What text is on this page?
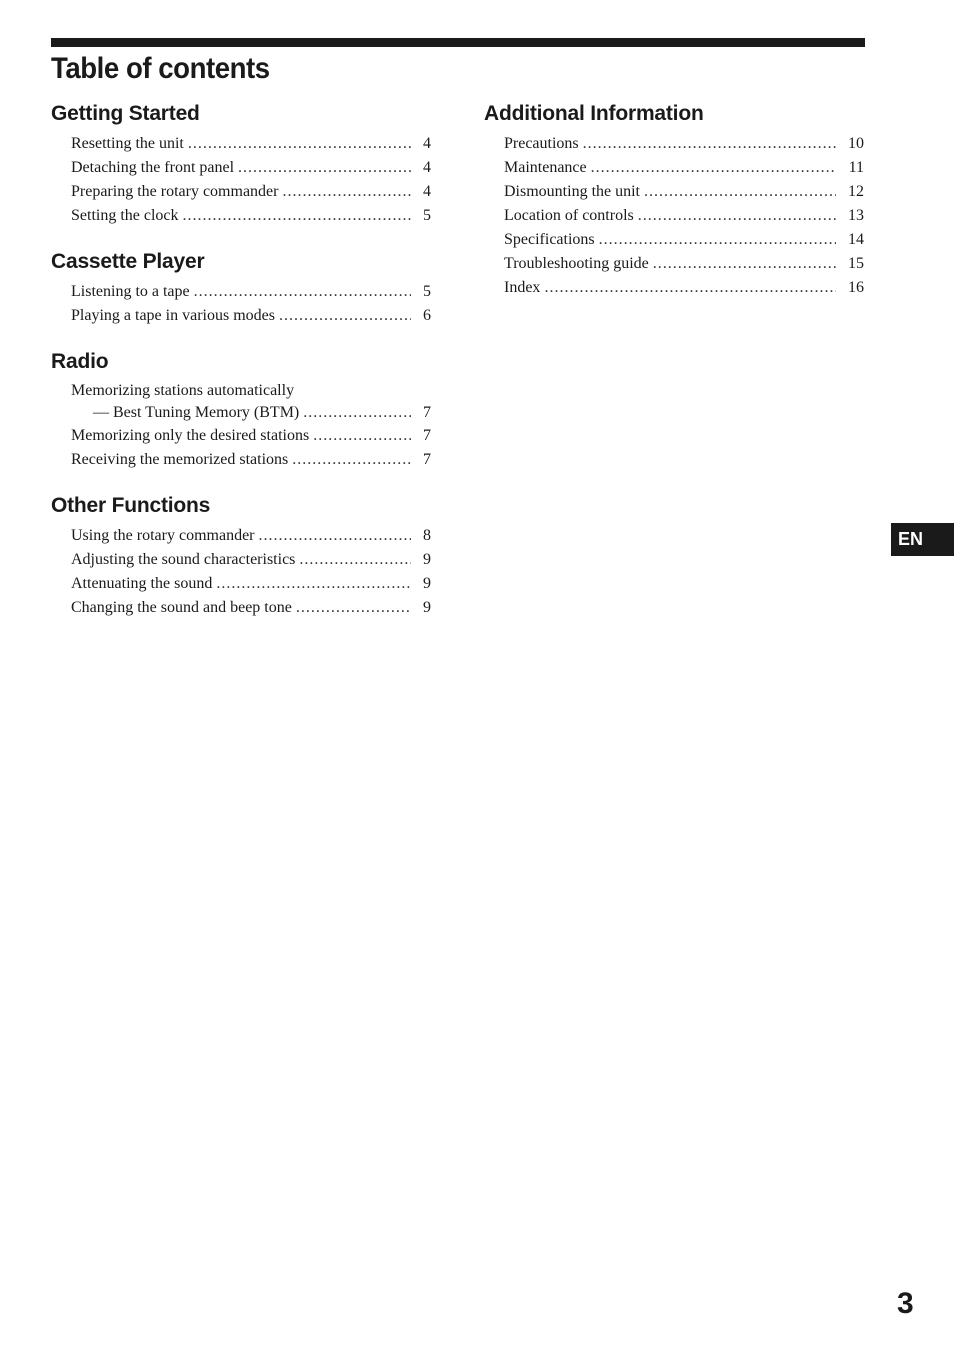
Table of contents
Getting Started
Resetting the unit .....	4
Detaching the front panel .....	4
Preparing the rotary commander .....	4
Setting the clock .....	5
Cassette Player
Listening to a tape .....	5
Playing a tape in various modes .....	6
Radio
Memorizing stations automatically
— Best Tuning Memory (BTM) .....	7
Memorizing only the desired stations .....	7
Receiving the memorized stations .....	7
Other Functions
Using the rotary commander .....	8
Adjusting the sound characteristics .....	9
Attenuating the sound .....	9
Changing the sound and beep tone .....	9
Additional Information
Precautions .....	10
Maintenance .....	11
Dismounting the unit .....	12
Location of controls .....	13
Specifications .....	14
Troubleshooting guide .....	15
Index .....	16
EN
3
